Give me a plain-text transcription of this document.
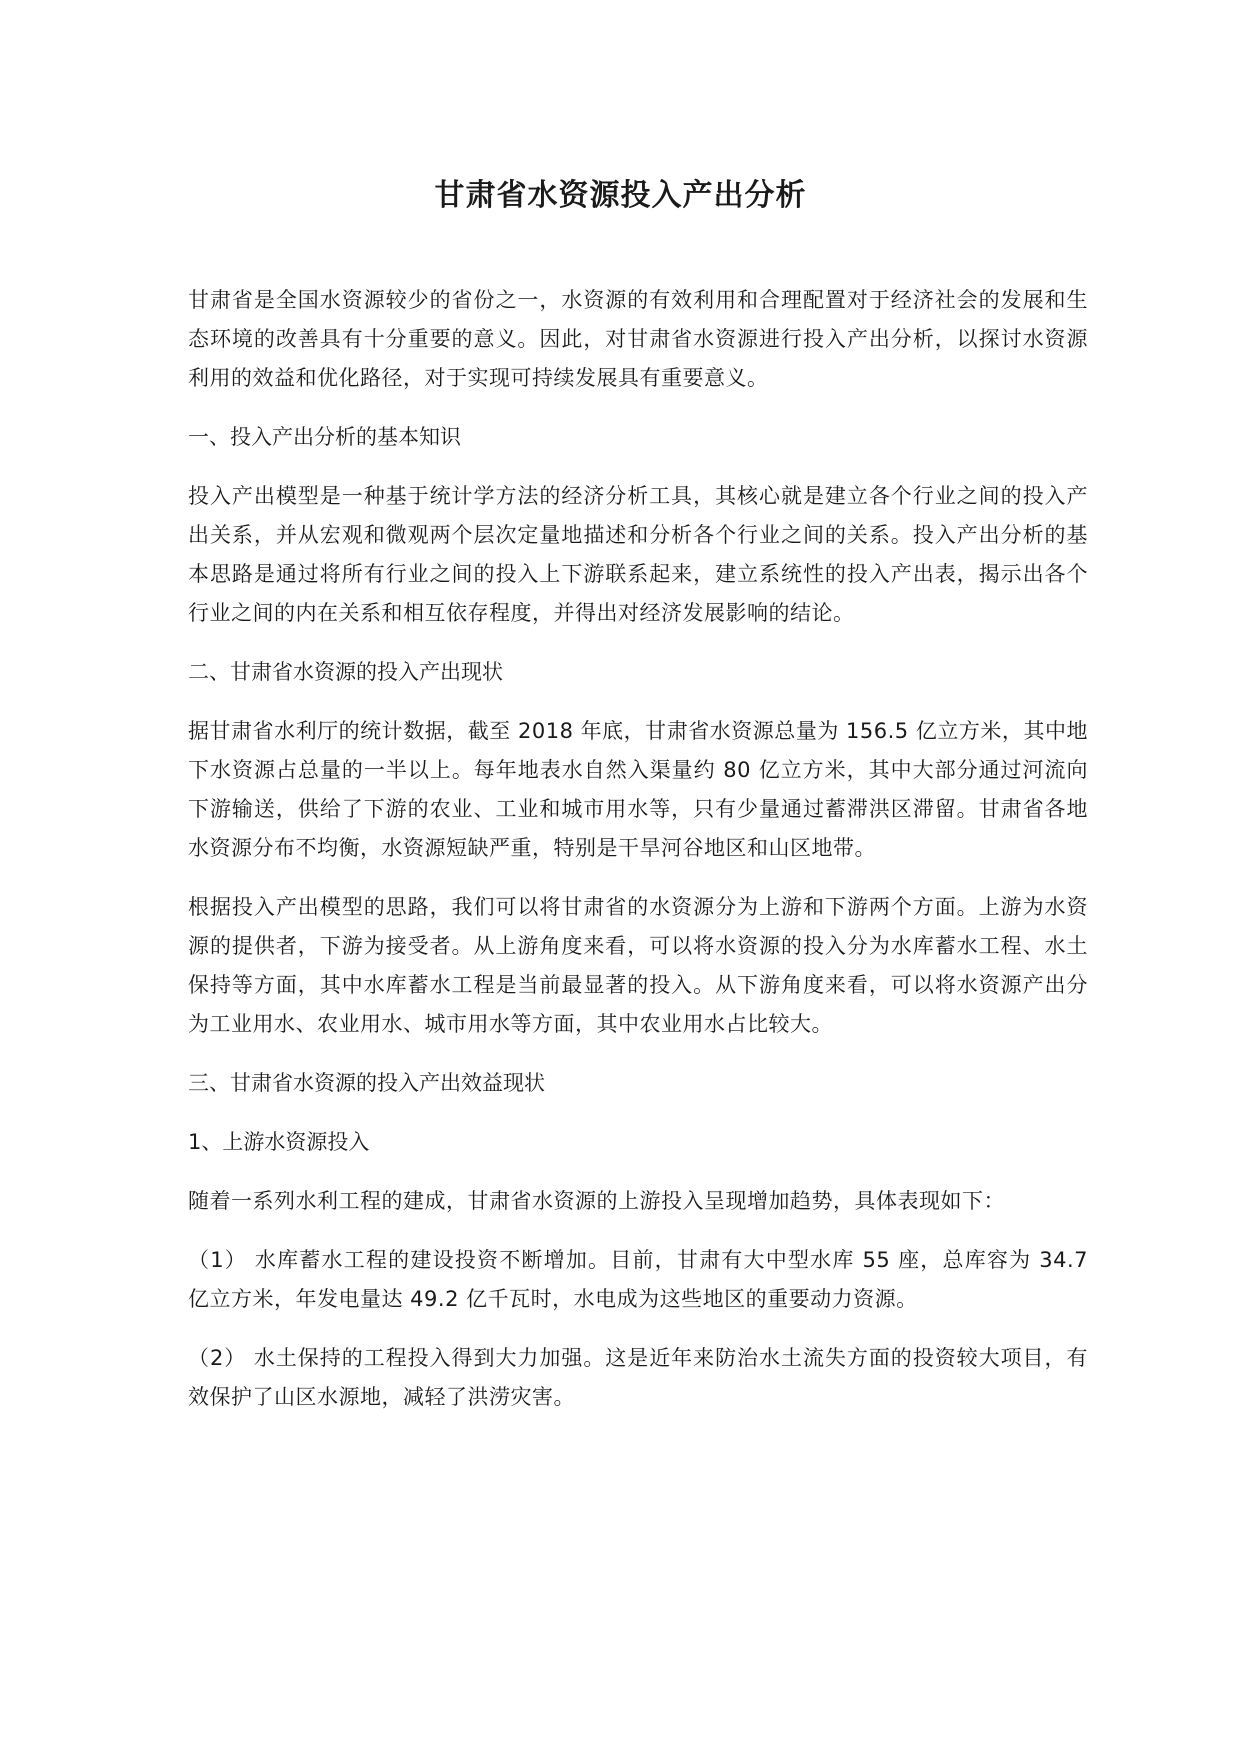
甘肃省水资源投入产出分析

甘肃省是全国水资源较少的省份之一，水资源的有效利用和合理配置对于经济社会的发展和生态环境的改善具有十分重要的意义。因此，对甘肃省水资源进行投入产出分析，以探讨水资源利用的效益和优化路径，对于实现可持续发展具有重要意义。

一、投入产出分析的基本知识

投入产出模型是一种基于统计学方法的经济分析工具，其核心就是建立各个行业之间的投入产出关系，并从宏观和微观两个层次定量地描述和分析各个行业之间的关系。投入产出分析的基本思路是通过将所有行业之间的投入上下游联系起来，建立系统性的投入产出表，揭示出各个行业之间的内在关系和相互依存程度，并得出对经济发展影响的结论。

二、甘肃省水资源的投入产出现状

据甘肃省水利厅的统计数据，截至 2018 年底，甘肃省水资源总量为 156.5 亿立方米，其中地下水资源占总量的一半以上。每年地表水自然入渠量约 80 亿立方米，其中大部分通过河流向下游输送，供给了下游的农业、工业和城市用水等，只有少量通过蓄滞洪区滞留。甘肃省各地水资源分布不均衡，水资源短缺严重，特别是干旱河谷地区和山区地带。

根据投入产出模型的思路，我们可以将甘肃省的水资源分为上游和下游两个方面。上游为水资源的提供者，下游为接受者。从上游角度来看，可以将水资源的投入分为水库蓄水工程、水土保持等方面，其中水库蓄水工程是当前最显著的投入。从下游角度来看，可以将水资源产出分为工业用水、农业用水、城市用水等方面，其中农业用水占比较大。

三、甘肃省水资源的投入产出效益现状

1、上游水资源投入

随着一系列水利工程的建成，甘肃省水资源的上游投入呈现增加趋势，具体表现如下：

（1） 水库蓄水工程的建设投资不断增加。目前，甘肃有大中型水库 55 座，总库容为 34.7 亿立方米，年发电量达 49.2 亿千瓦时，水电成为这些地区的重要动力资源。

（2） 水土保持的工程投入得到大力加强。这是近年来防治水土流失方面的投资较大项目，有效保护了山区水源地，减轻了洪涝灾害。
